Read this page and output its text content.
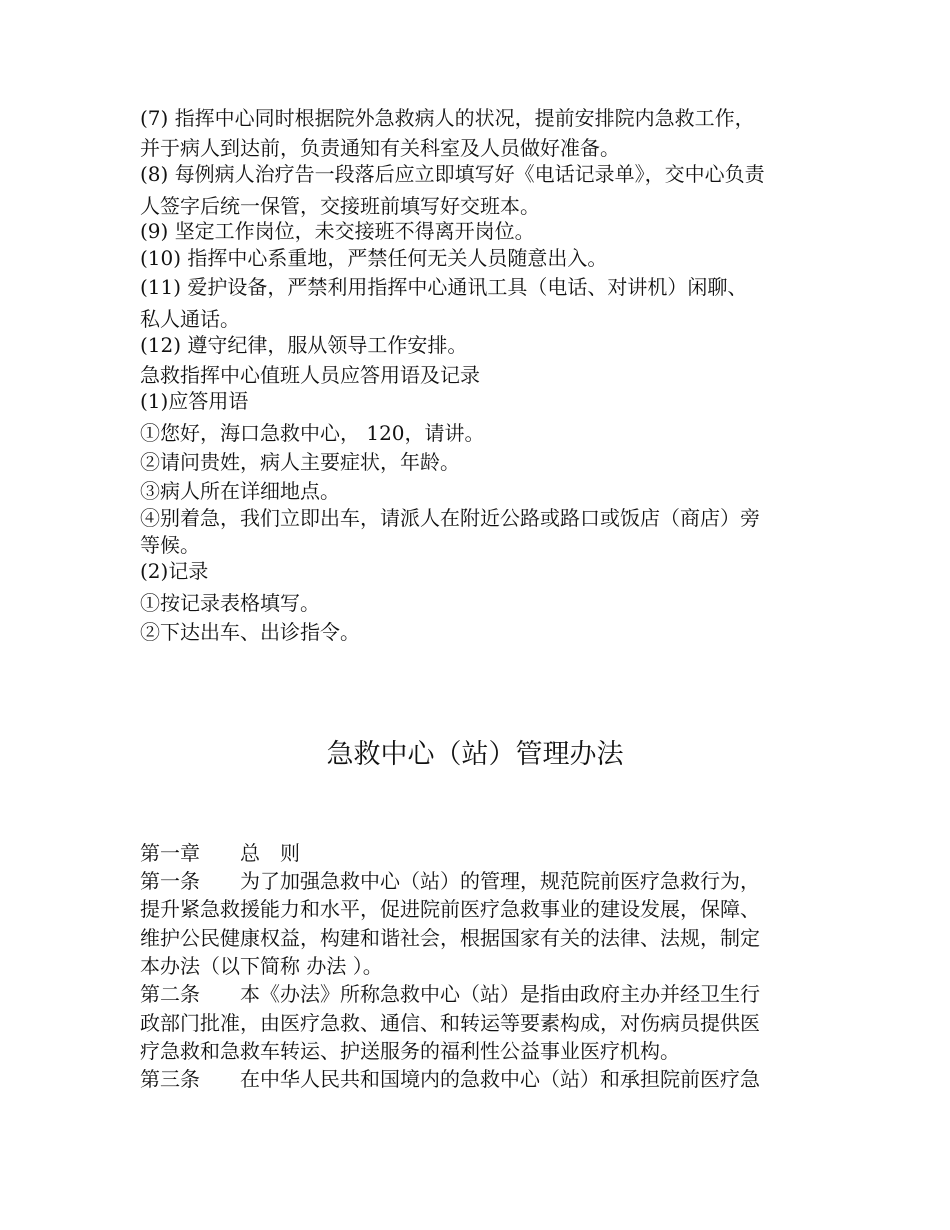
(7) 指挥中心同时根据院外急救病人的状况，提前安排院内急救工作，
并于病人到达前，负责通知有关科室及人员做好准备。
(8) 每例病人治疗告一段落后应立即填写好《电话记录单》，交中心负责
人签字后统一保管，交接班前填写好交班本。
(9) 坚定工作岗位，未交接班不得离开岗位。
(10) 指挥中心系重地，严禁任何无关人员随意出入。
(11) 爱护设备，严禁利用指挥中心通讯工具（电话、对讲机）闲聊、
私人通话。
(12) 遵守纪律，服从领导工作安排。
急救指挥中心值班人员应答用语及记录
(1)应答用语
①您好，海口急救中心， 120，请讲。
②请问贵姓，病人主要症状，年龄。
③病人所在详细地点。
④别着急，我们立即出车，请派人在附近公路或路口或饭店（商店）旁
等候。
(2)记录
①按记录表格填写。
②下达出车、出诊指令。
急救中心（站）管理办法
第一章　　总　则
第一条　　为了加强急救中心（站）的管理，规范院前医疗急救行为，
提升紧急救援能力和水平，促进院前医疗急救事业的建设发展，保障、
维护公民健康权益，构建和谐社会，根据国家有关的法律、法规，制定
本办法（以下简称 办法 ）。
第二条　　本《办法》所称急救中心（站）是指由政府主办并经卫生行
政部门批准，由医疗急救、通信、和转运等要素构成，对伤病员提供医
疗急救和急救车转运、护送服务的福利性公益事业医疗机构。
第三条　　在中华人民共和国境内的急救中心（站）和承担院前医疗急
